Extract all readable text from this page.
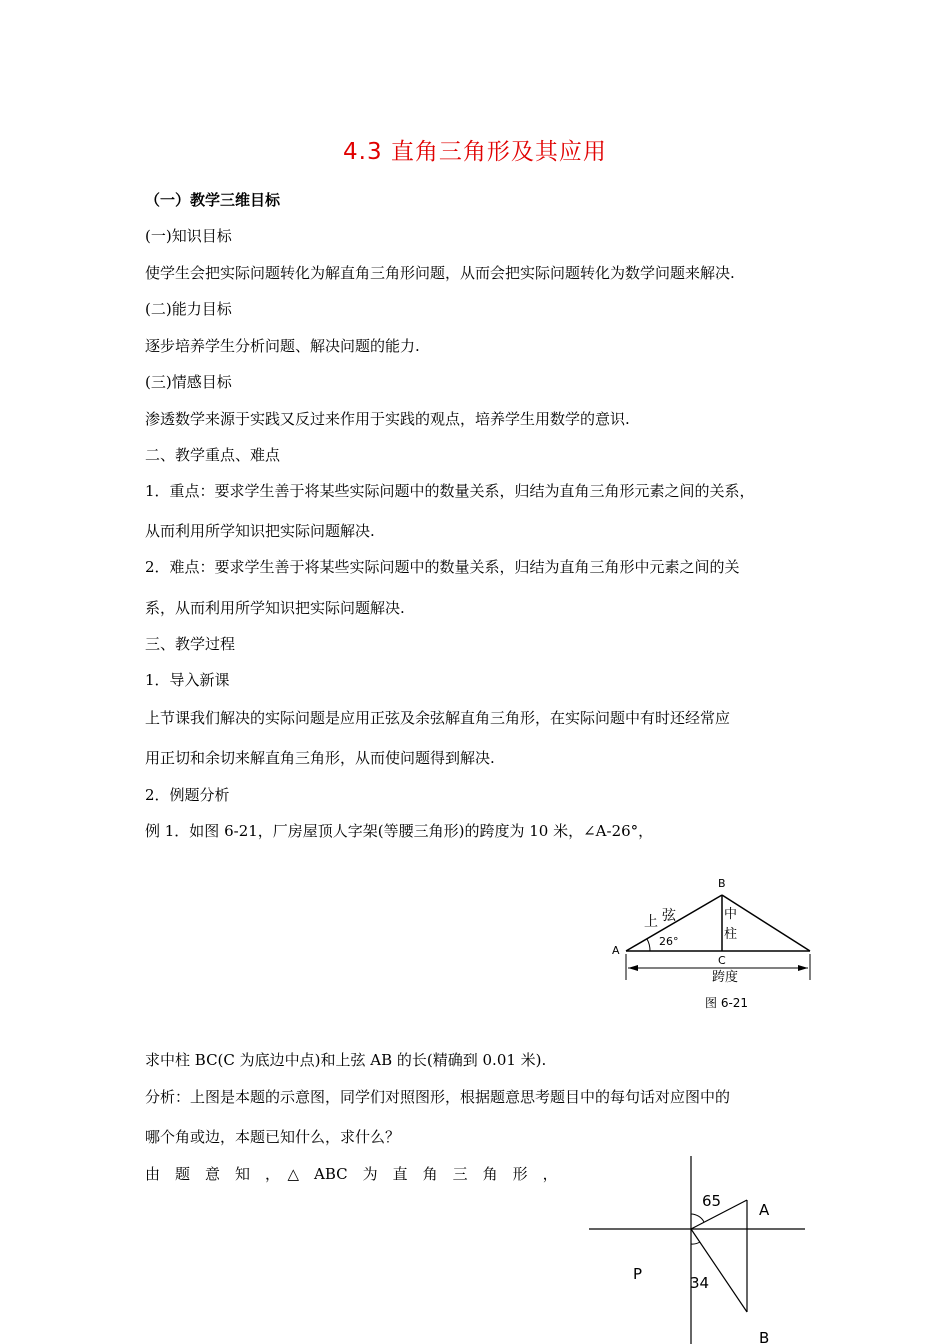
4.3 直角三角形及其应用
（一）教学三维目标
(一)知识目标
使学生会把实际问题转化为解直角三角形问题，从而会把实际问题转化为数学问题来解决.
(二)能力目标
逐步培养学生分析问题、解决问题的能力.
(三)情感目标
渗透数学来源于实践又反过来作用于实践的观点，培养学生用数学的意识.
二、教学重点、难点
1．重点：要求学生善于将某些实际问题中的数量关系，归结为直角三角形元素之间的关系，
从而利用所学知识把实际问题解决.
2．难点：要求学生善于将某些实际问题中的数量关系，归结为直角三角形中元素之间的关
系，从而利用所学知识把实际问题解决.
三、教学过程
1．导入新课
上节课我们解决的实际问题是应用正弦及余弦解直角三角形，在实际问题中有时还经常应
用正切和余切来解直角三角形，从而使问题得到解决.
2．例题分析
例 1．如图 6-21，厂房屋顶人字架(等腰三角形)的跨度为 10 米，∠A-26°，
B
A
C
26°
上 弦	中
柱
跨度
图 6-21
求中柱 BC(C 为底边中点)和上弦 AB 的长(精确到 0.01 米).
分析：上图是本题的示意图，同学们对照图形，根据题意思考题目中的每句话对应图中的
哪个角或边，本题已知什么，求什么？
由　题　意　知　，　△　ABC　为　直　角　三　角　形　，
65	A
P	34
B
